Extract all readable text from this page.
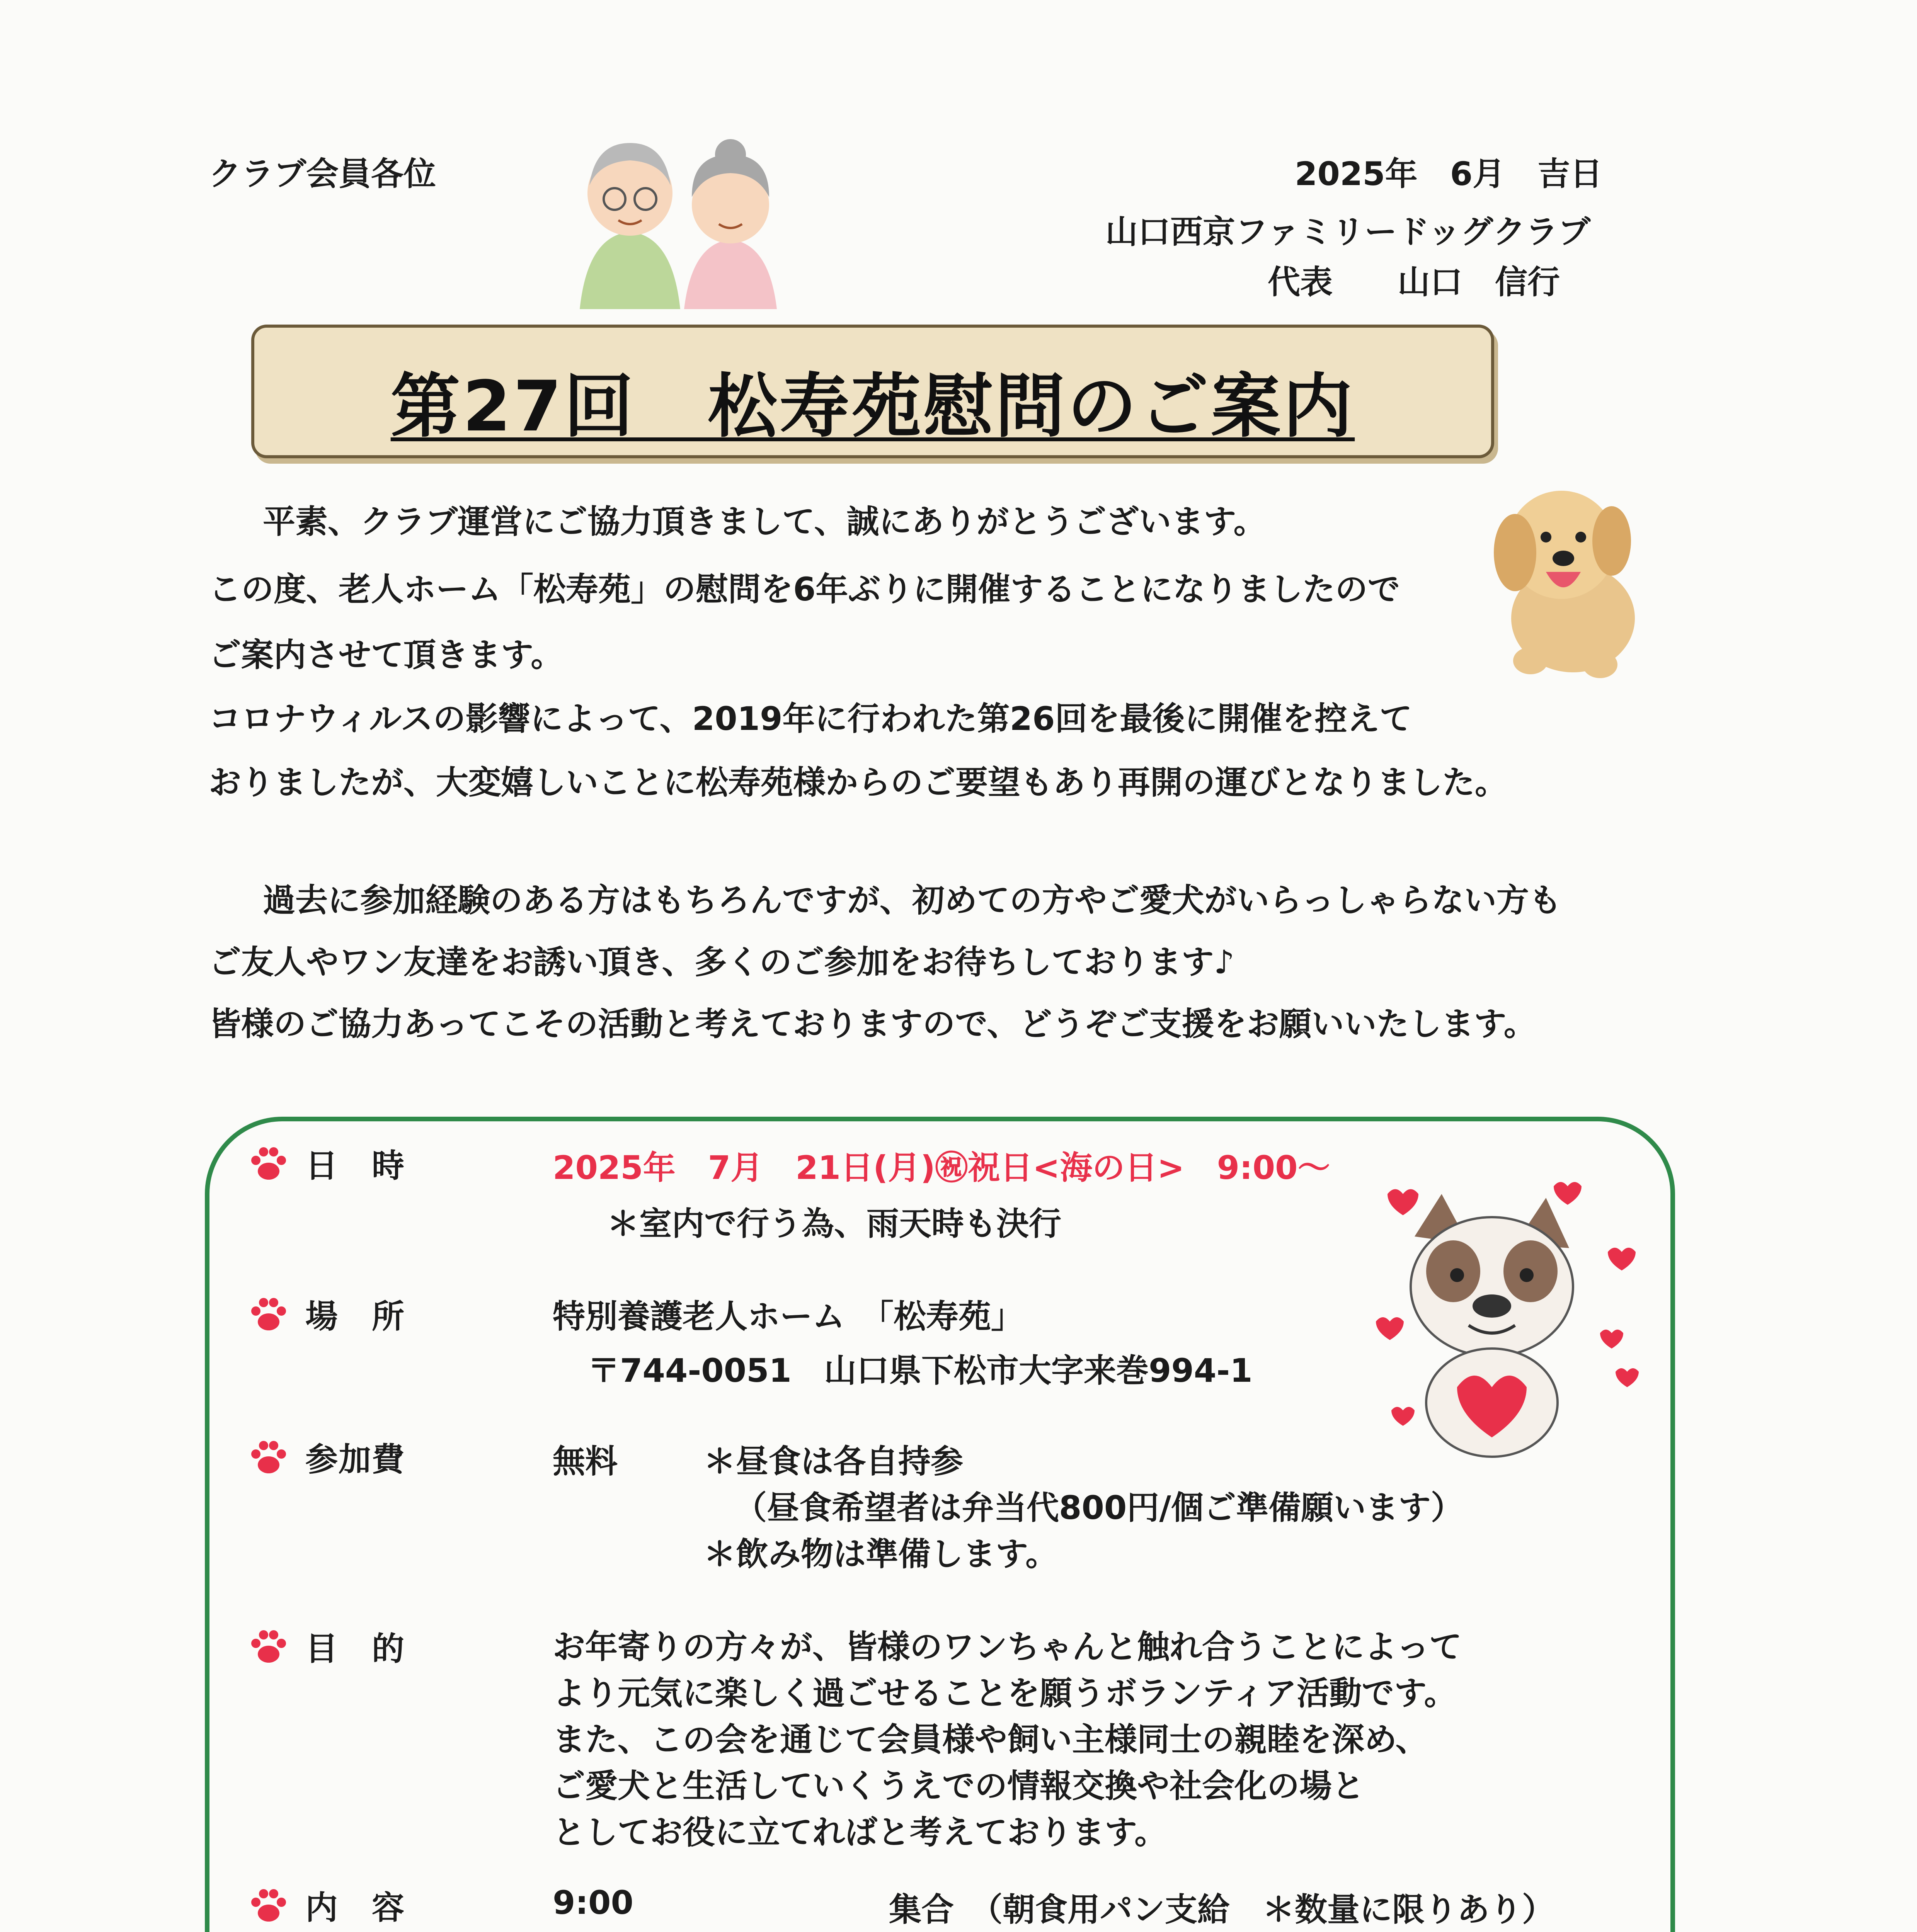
クラブ会員各位	2025年　6月　吉日
山口西京ファミリードッグクラブ
代表　　山口　信行
第27回　松寿苑慰問のご案内
平素、クラブ運営にご協力頂きまして、誠にありがとうございます。
この度、老人ホーム「松寿苑」の慰問を6年ぶりに開催することになりましたので
ご案内させて頂きます。
コロナウィルスの影響によって、2019年に行われた第26回を最後に開催を控えて
おりましたが、大変嬉しいことに松寿苑様からのご要望もあり再開の運びとなりました。
過去に参加経験のある方はもちろんですが、初めての方やご愛犬がいらっしゃらない方も
ご友人やワン友達をお誘い頂き、多くのご参加をお待ちしております♪
皆様のご協力あってこその活動と考えておりますので、どうぞご支援をお願いいたします。
日　時	2025年　7月　21日(月)㊗祝日<海の日>　9:00～
＊室内で行う為、雨天時も決行
場　所	特別養護老人ホーム　「松寿苑」
〒744-0051　山口県下松市大字来巻994-1
参加費	無料	＊昼食は各自持参
（昼食希望者は弁当代800円/個ご準備願います）
＊飲み物は準備します。
目　的	お年寄りの方々が、皆様のワンちゃんと触れ合うことによって
より元気に楽しく過ごせることを願うボランティア活動です。
また、この会を通じて会員様や飼い主様同士の親睦を深め、
ご愛犬と生活していくうえでの情報交換や社会化の場と
としてお役に立てればと考えております。
内　容	9:00	集合　（朝食用パン支給　＊数量に限りあり）
